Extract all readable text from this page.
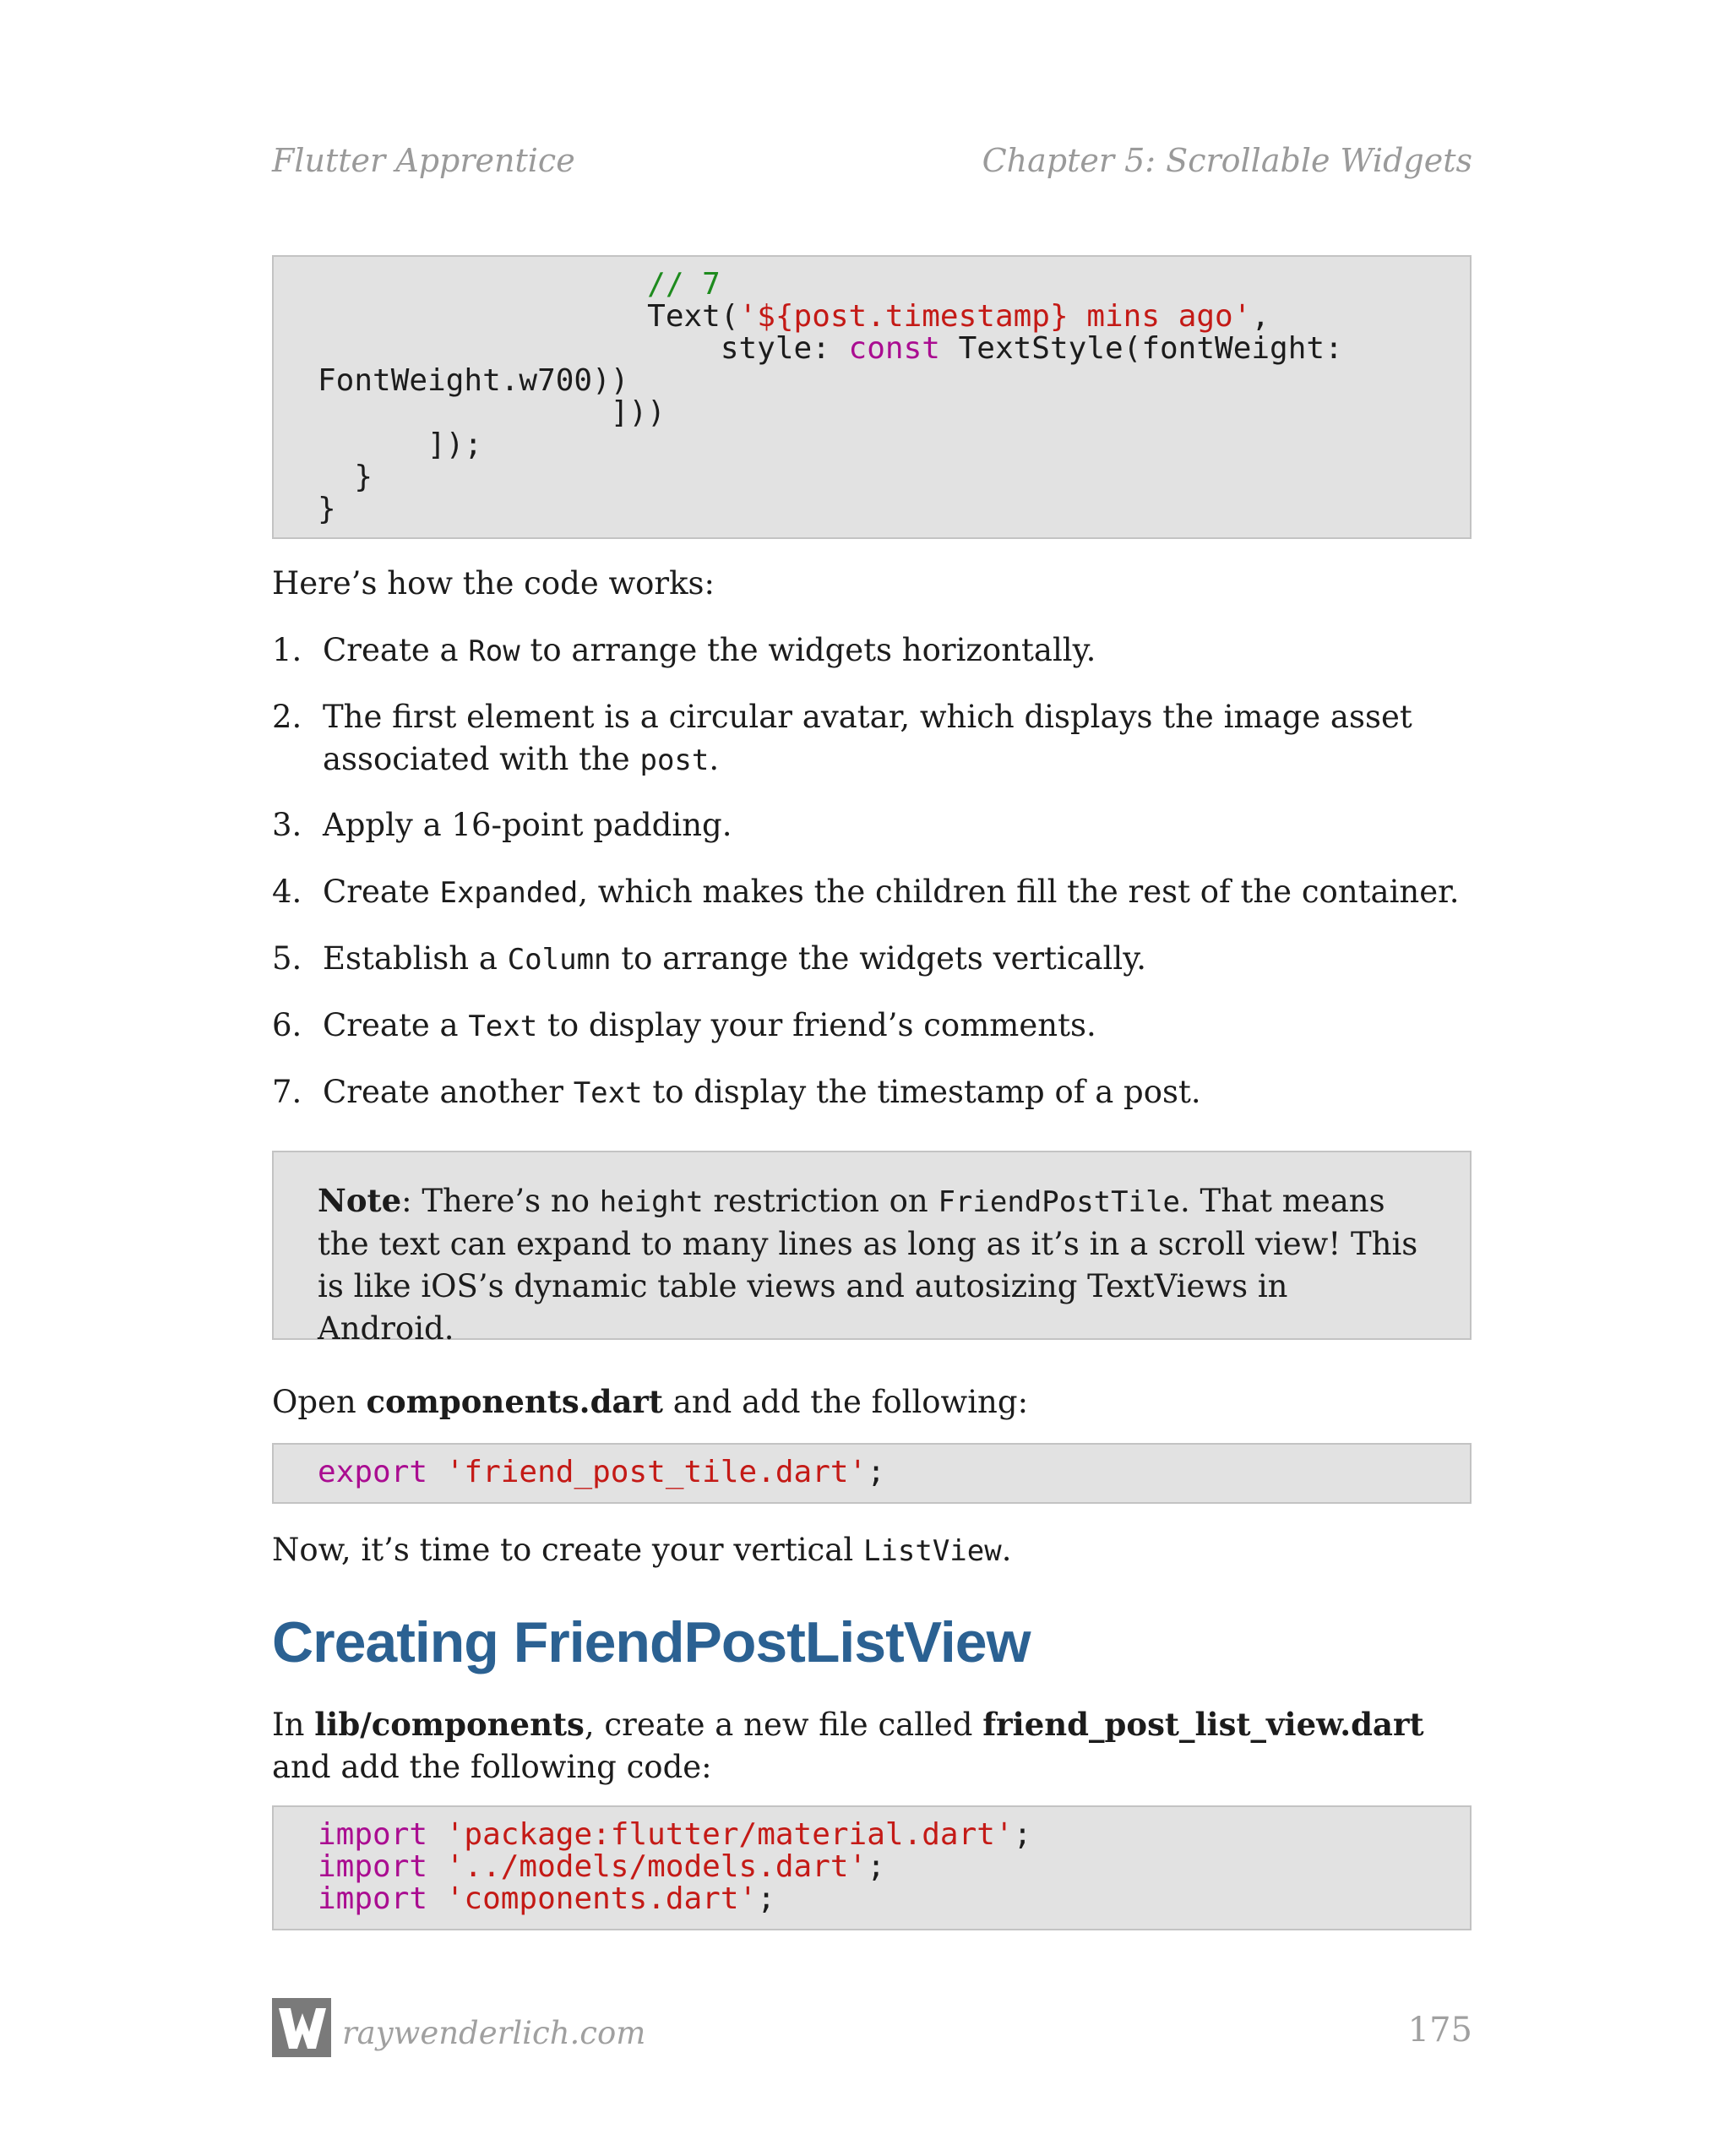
Flutter Apprentice	Chapter 5: Scrollable Widgets
// 7
Text('${post.timestamp} mins ago',
style: const TextStyle(fontWeight:
FontWeight.w700))
]))
]);
}
}
Here’s how the code works:
1. Create a Row to arrange the widgets horizontally.
2. The first element is a circular avatar, which displays the image asset associated with the post.
3. Apply a 16-point padding.
4. Create Expanded, which makes the children fill the rest of the container.
5. Establish a Column to arrange the widgets vertically.
6. Create a Text to display your friend’s comments.
7. Create another Text to display the timestamp of a post.
Note: There’s no height restriction on FriendPostTile. That means the text can expand to many lines as long as it’s in a scroll view! This is like iOS’s dynamic table views and autosizing TextViews in Android.
Open components.dart and add the following:
export 'friend_post_tile.dart';
Now, it’s time to create your vertical ListView.
Creating FriendPostListView
In lib/components, create a new file called friend_post_list_view.dart and add the following code:
import 'package:flutter/material.dart';
import '../models/models.dart';
import 'components.dart';
raywenderlich.com	175
